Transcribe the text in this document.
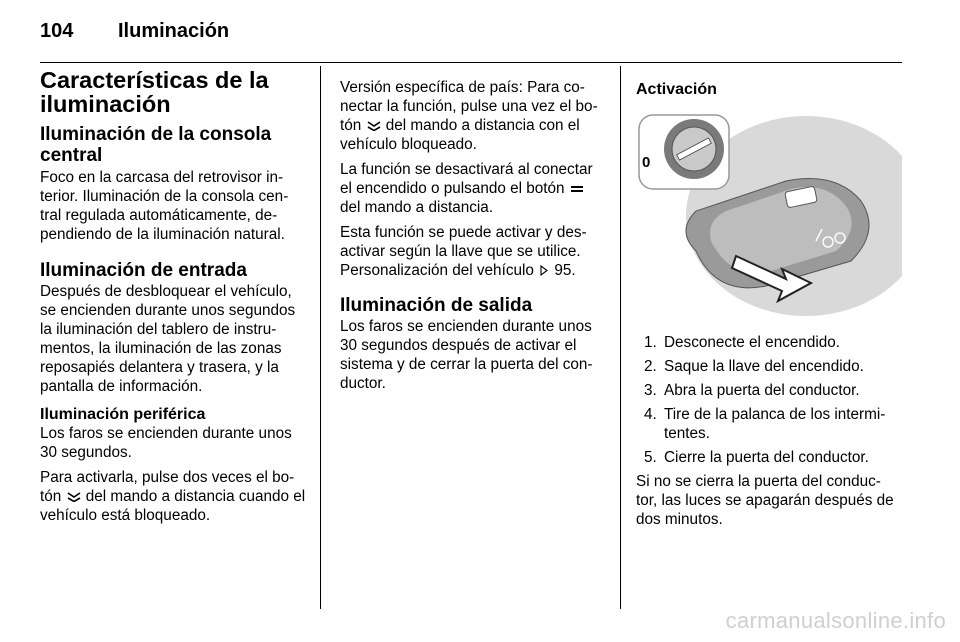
104 Iluminación

Características de la iluminación

Iluminación de la consola central

Foco en la carcasa del retrovisor in-terior. Iluminación de la consola cen-tral regulada automáticamente, de-pendiendo de la iluminación natural.

Iluminación de entrada

Después de desbloquear el vehículo, se encienden durante unos segundos la iluminación del tablero de instru-mentos, la iluminación de las zonas reposapiés delantera y trasera, y la pantalla de información.

Iluminación periférica

Los faros se encienden durante unos 30 segundos.

Para activarla, pulse dos veces el bo-tón del mando a distancia cuando el vehículo está bloqueado.

Versión específica de país: Para co-nectar la función, pulse una vez el bo-tón del mando a distancia con el vehículo bloqueado.

La función se desactivará al conectar el encendido o pulsando el botón  del mando a distancia.

Esta función se puede activar y des-activar según la llave que se utilice. Personalización del vehículo 95.

Iluminación de salida

Los faros se encienden durante unos 30 segundos después de activar el sistema y de cerrar la puerta del con-ductor.

Activación

0
1. Desconecte el encendido.
2. Saque la llave del encendido.
3. Abra la puerta del conductor.
4. Tire de la palanca de los intermi-tentes.
5. Cierre la puerta del conductor.

Si no se cierra la puerta del conduc-tor, las luces se apagarán después de dos minutos.

carmanualsonline.info
